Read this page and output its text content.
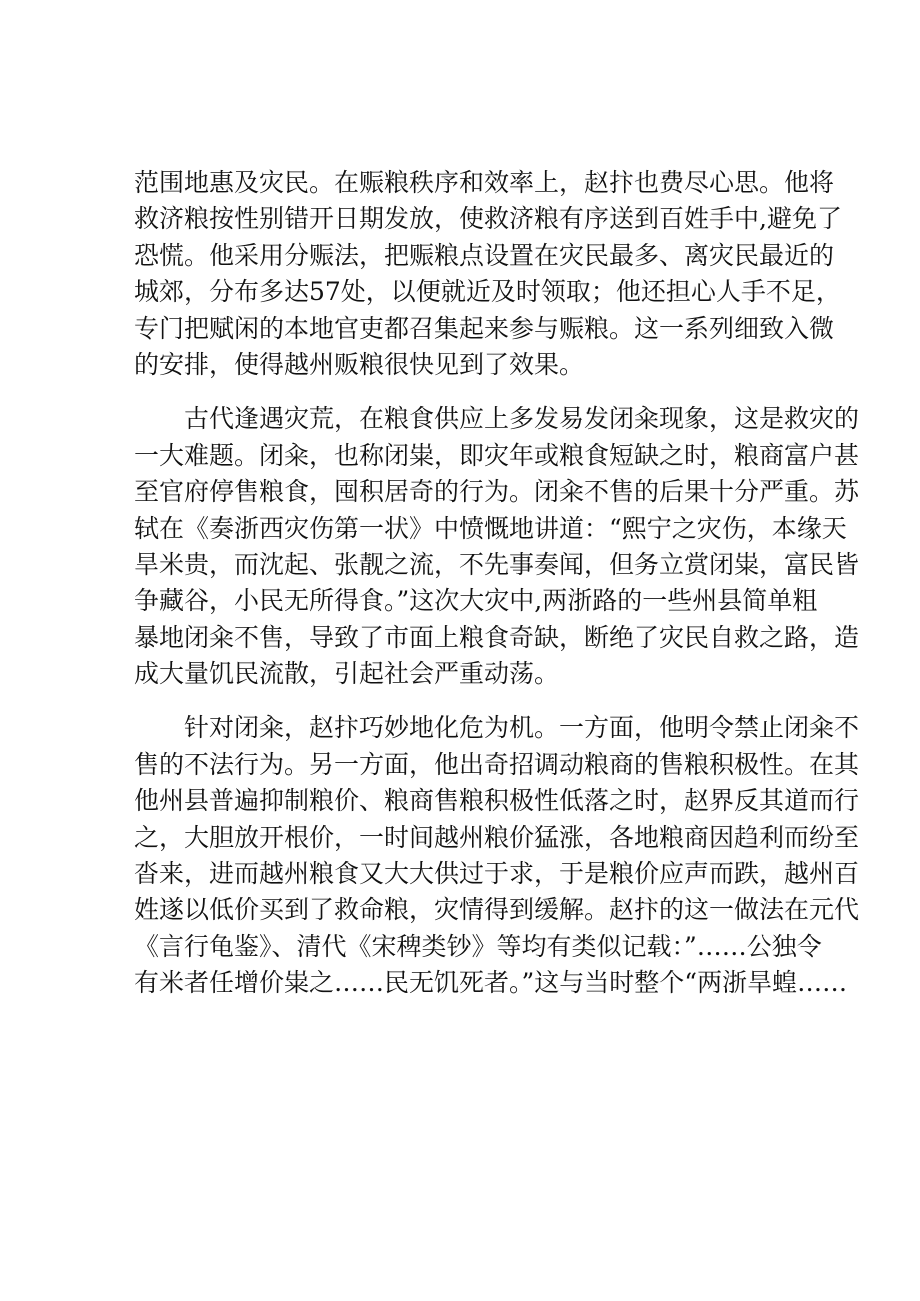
范围地惠及灾民。在赈粮秩序和效率上，赵抃也费尽心思。他将
救济粮按性别错开日期发放，使救济粮有序送到百姓手中,避免了
恐慌。他采用分赈法，把赈粮点设置在灾民最多、离灾民最近的
城郊，分布多达57处，以便就近及时领取；他还担心人手不足，
专门把赋闲的本地官吏都召集起来参与赈粮。这一系列细致入微
的安排，使得越州贩粮很快见到了效果。
　　古代逢遇灾荒，在粮食供应上多发易发闭籴现象，这是救灾的
一大难题。闭籴，也称闭粜，即灾年或粮食短缺之时，粮商富户甚
至官府停售粮食，囤积居奇的行为。闭籴不售的后果十分严重。苏
轼在《奏浙西灾伤第一状》中愤慨地讲道：“熙宁之灾伤，本缘天
旱米贵，而沈起、张靓之流，不先事奏闻，但务立赏闭粜，富民皆
争藏谷，小民无所得食。”这次大灾中,两浙路的一些州县简单粗
暴地闭籴不售，导致了市面上粮食奇缺，断绝了灾民自救之路，造
成大量饥民流散，引起社会严重动荡。
　　针对闭籴，赵抃巧妙地化危为机。一方面，他明令禁止闭籴不
售的不法行为。另一方面，他出奇招调动粮商的售粮积极性。在其
他州县普遍抑制粮价、粮商售粮积极性低落之时，赵界反其道而行
之，大胆放开根价，一时间越州粮价猛涨，各地粮商因趋利而纷至
沓来，进而越州粮食又大大供过于求，于是粮价应声而跌，越州百
姓遂以低价买到了救命粮，灾情得到缓解。赵抃的这一做法在元代
《言行龟鉴》、清代《宋稗类钞》等均有类似记载：”……公独令
有米者任增价粜之……民无饥死者。”这与当时整个“两浙旱蝗……
